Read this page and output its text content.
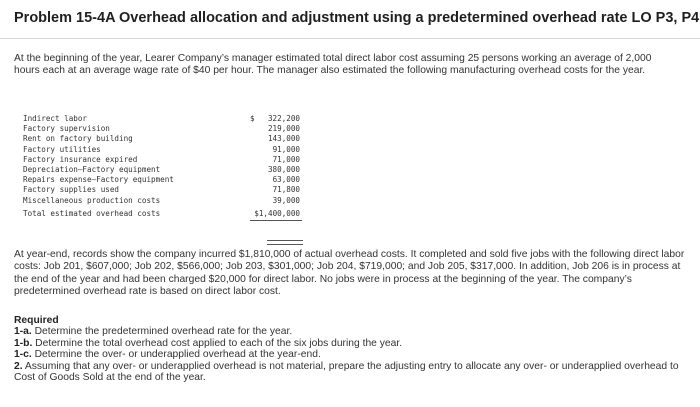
Problem 15-4A Overhead allocation and adjustment using a predetermined overhead rate LO P3, P4
At the beginning of the year, Learer Company’s manager estimated total direct labor cost assuming 25 persons working an average of 2,000 hours each at an average wage rate of $40 per hour. The manager also estimated the following manufacturing overhead costs for the year.
Indirect labor	$ 322,200
Factory supervision	219,000
Rent on factory building	143,000
Factory utilities	91,000
Factory insurance expired	71,000
Depreciation—Factory equipment	380,000
Repairs expense—Factory equipment	63,000
Factory supplies used	71,800
Miscellaneous production costs	39,000
Total estimated overhead costs	$1,400,000
At year-end, records show the company incurred $1,810,000 of actual overhead costs. It completed and sold five jobs with the following direct labor costs: Job 201, $607,000; Job 202, $566,000; Job 203, $301,000; Job 204, $719,000; and Job 205, $317,000. In addition, Job 206 is in process at the end of the year and had been charged $20,000 for direct labor. No jobs were in process at the beginning of the year. The company’s predetermined overhead rate is based on direct labor cost.
Required
1-a. Determine the predetermined overhead rate for the year.
1-b. Determine the total overhead cost applied to each of the six jobs during the year.
1-c. Determine the over- or underapplied overhead at the year-end.
2. Assuming that any over- or underapplied overhead is not material, prepare the adjusting entry to allocate any over- or underapplied overhead to Cost of Goods Sold at the end of the year.
